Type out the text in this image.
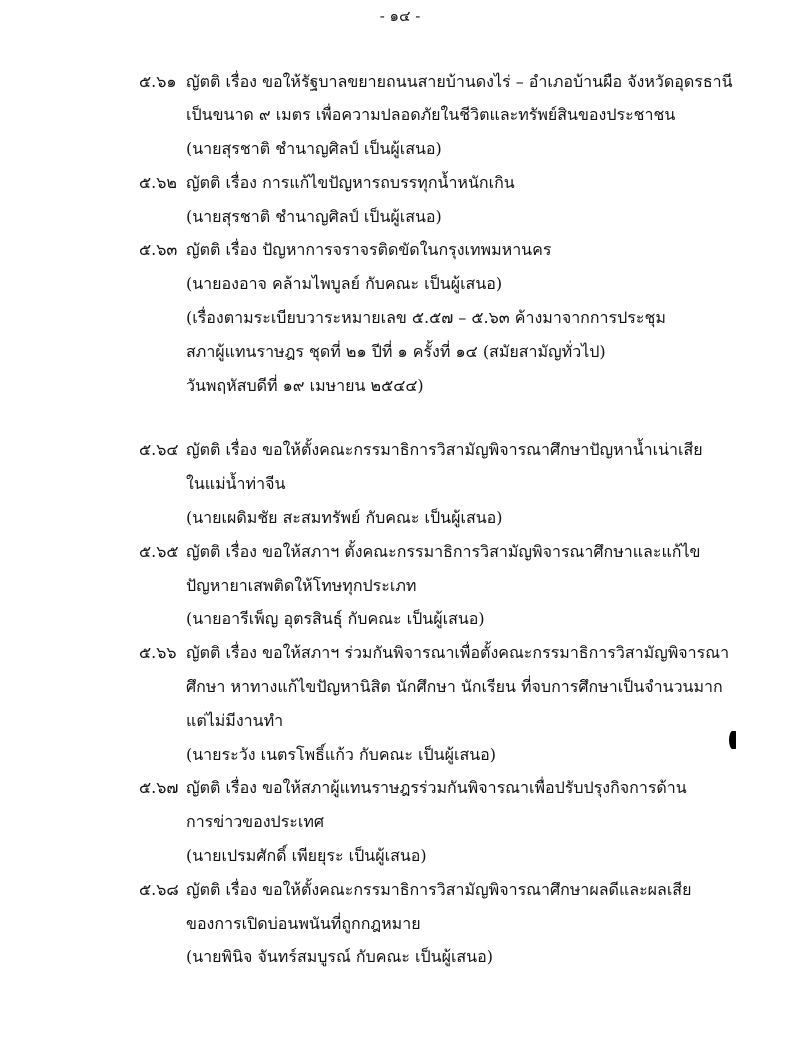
- ๑๔ -
๕.๖๑ ญัตติ เรื่อง ขอให้รัฐบาลขยายถนนสายบ้านดงไร่ – อำเภอบ้านผือ จังหวัดอุดรธานี
เป็นขนาด ๙ เมตร เพื่อความปลอดภัยในชีวิตและทรัพย์สินของประชาชน
(นายสุรชาติ ชำนาญศิลป์ เป็นผู้เสนอ)
๕.๖๒ ญัตติ เรื่อง การแก้ไขปัญหารถบรรทุกน้ำหนักเกิน
(นายสุรชาติ ชำนาญศิลป์ เป็นผู้เสนอ)
๕.๖๓ ญัตติ เรื่อง ปัญหาการจราจรติดขัดในกรุงเทพมหานคร
(นายองอาจ คล้ามไพบูลย์ กับคณะ เป็นผู้เสนอ)
(เรื่องตามระเบียบวาระหมายเลข ๕.๕๗ – ๕.๖๓ ค้างมาจากการประชุม
สภาผู้แทนราษฎร ชุดที่ ๒๑ ปีที่ ๑ ครั้งที่ ๑๔ (สมัยสามัญทั่วไป)
วันพฤหัสบดีที่ ๑๙ เมษายน ๒๕๔๔)
๕.๖๔ ญัตติ เรื่อง ขอให้ตั้งคณะกรรมาธิการวิสามัญพิจารณาศึกษาปัญหาน้ำเน่าเสีย
ในแม่น้ำท่าจีน
(นายเผดิมชัย สะสมทรัพย์ กับคณะ เป็นผู้เสนอ)
๕.๖๕ ญัตติ เรื่อง ขอให้สภาฯ ตั้งคณะกรรมาธิการวิสามัญพิจารณาศึกษาและแก้ไข
ปัญหายาเสพติดให้โทษทุกประเภท
(นายอารีเพ็ญ อุตรสินธุ์ กับคณะ เป็นผู้เสนอ)
๕.๖๖ ญัตติ เรื่อง ขอให้สภาฯ ร่วมกันพิจารณาเพื่อตั้งคณะกรรมาธิการวิสามัญพิจารณา
ศึกษา หาทางแก้ไขปัญหานิสิต นักศึกษา นักเรียน ที่จบการศึกษาเป็นจำนวนมาก
แต่ไม่มีงานทำ
(นายระวัง เนตรโพธิ์แก้ว กับคณะ เป็นผู้เสนอ)
๕.๖๗ ญัตติ เรื่อง ขอให้สภาผู้แทนราษฎรร่วมกันพิจารณาเพื่อปรับปรุงกิจการด้าน
การข่าวของประเทศ
(นายเปรมศักดิ์ เพียยุระ เป็นผู้เสนอ)
๕.๖๘ ญัตติ เรื่อง ขอให้ตั้งคณะกรรมาธิการวิสามัญพิจารณาศึกษาผลดีและผลเสีย
ของการเปิดบ่อนพนันที่ถูกกฎหมาย
(นายพินิจ จันทร์สมบูรณ์ กับคณะ เป็นผู้เสนอ)
